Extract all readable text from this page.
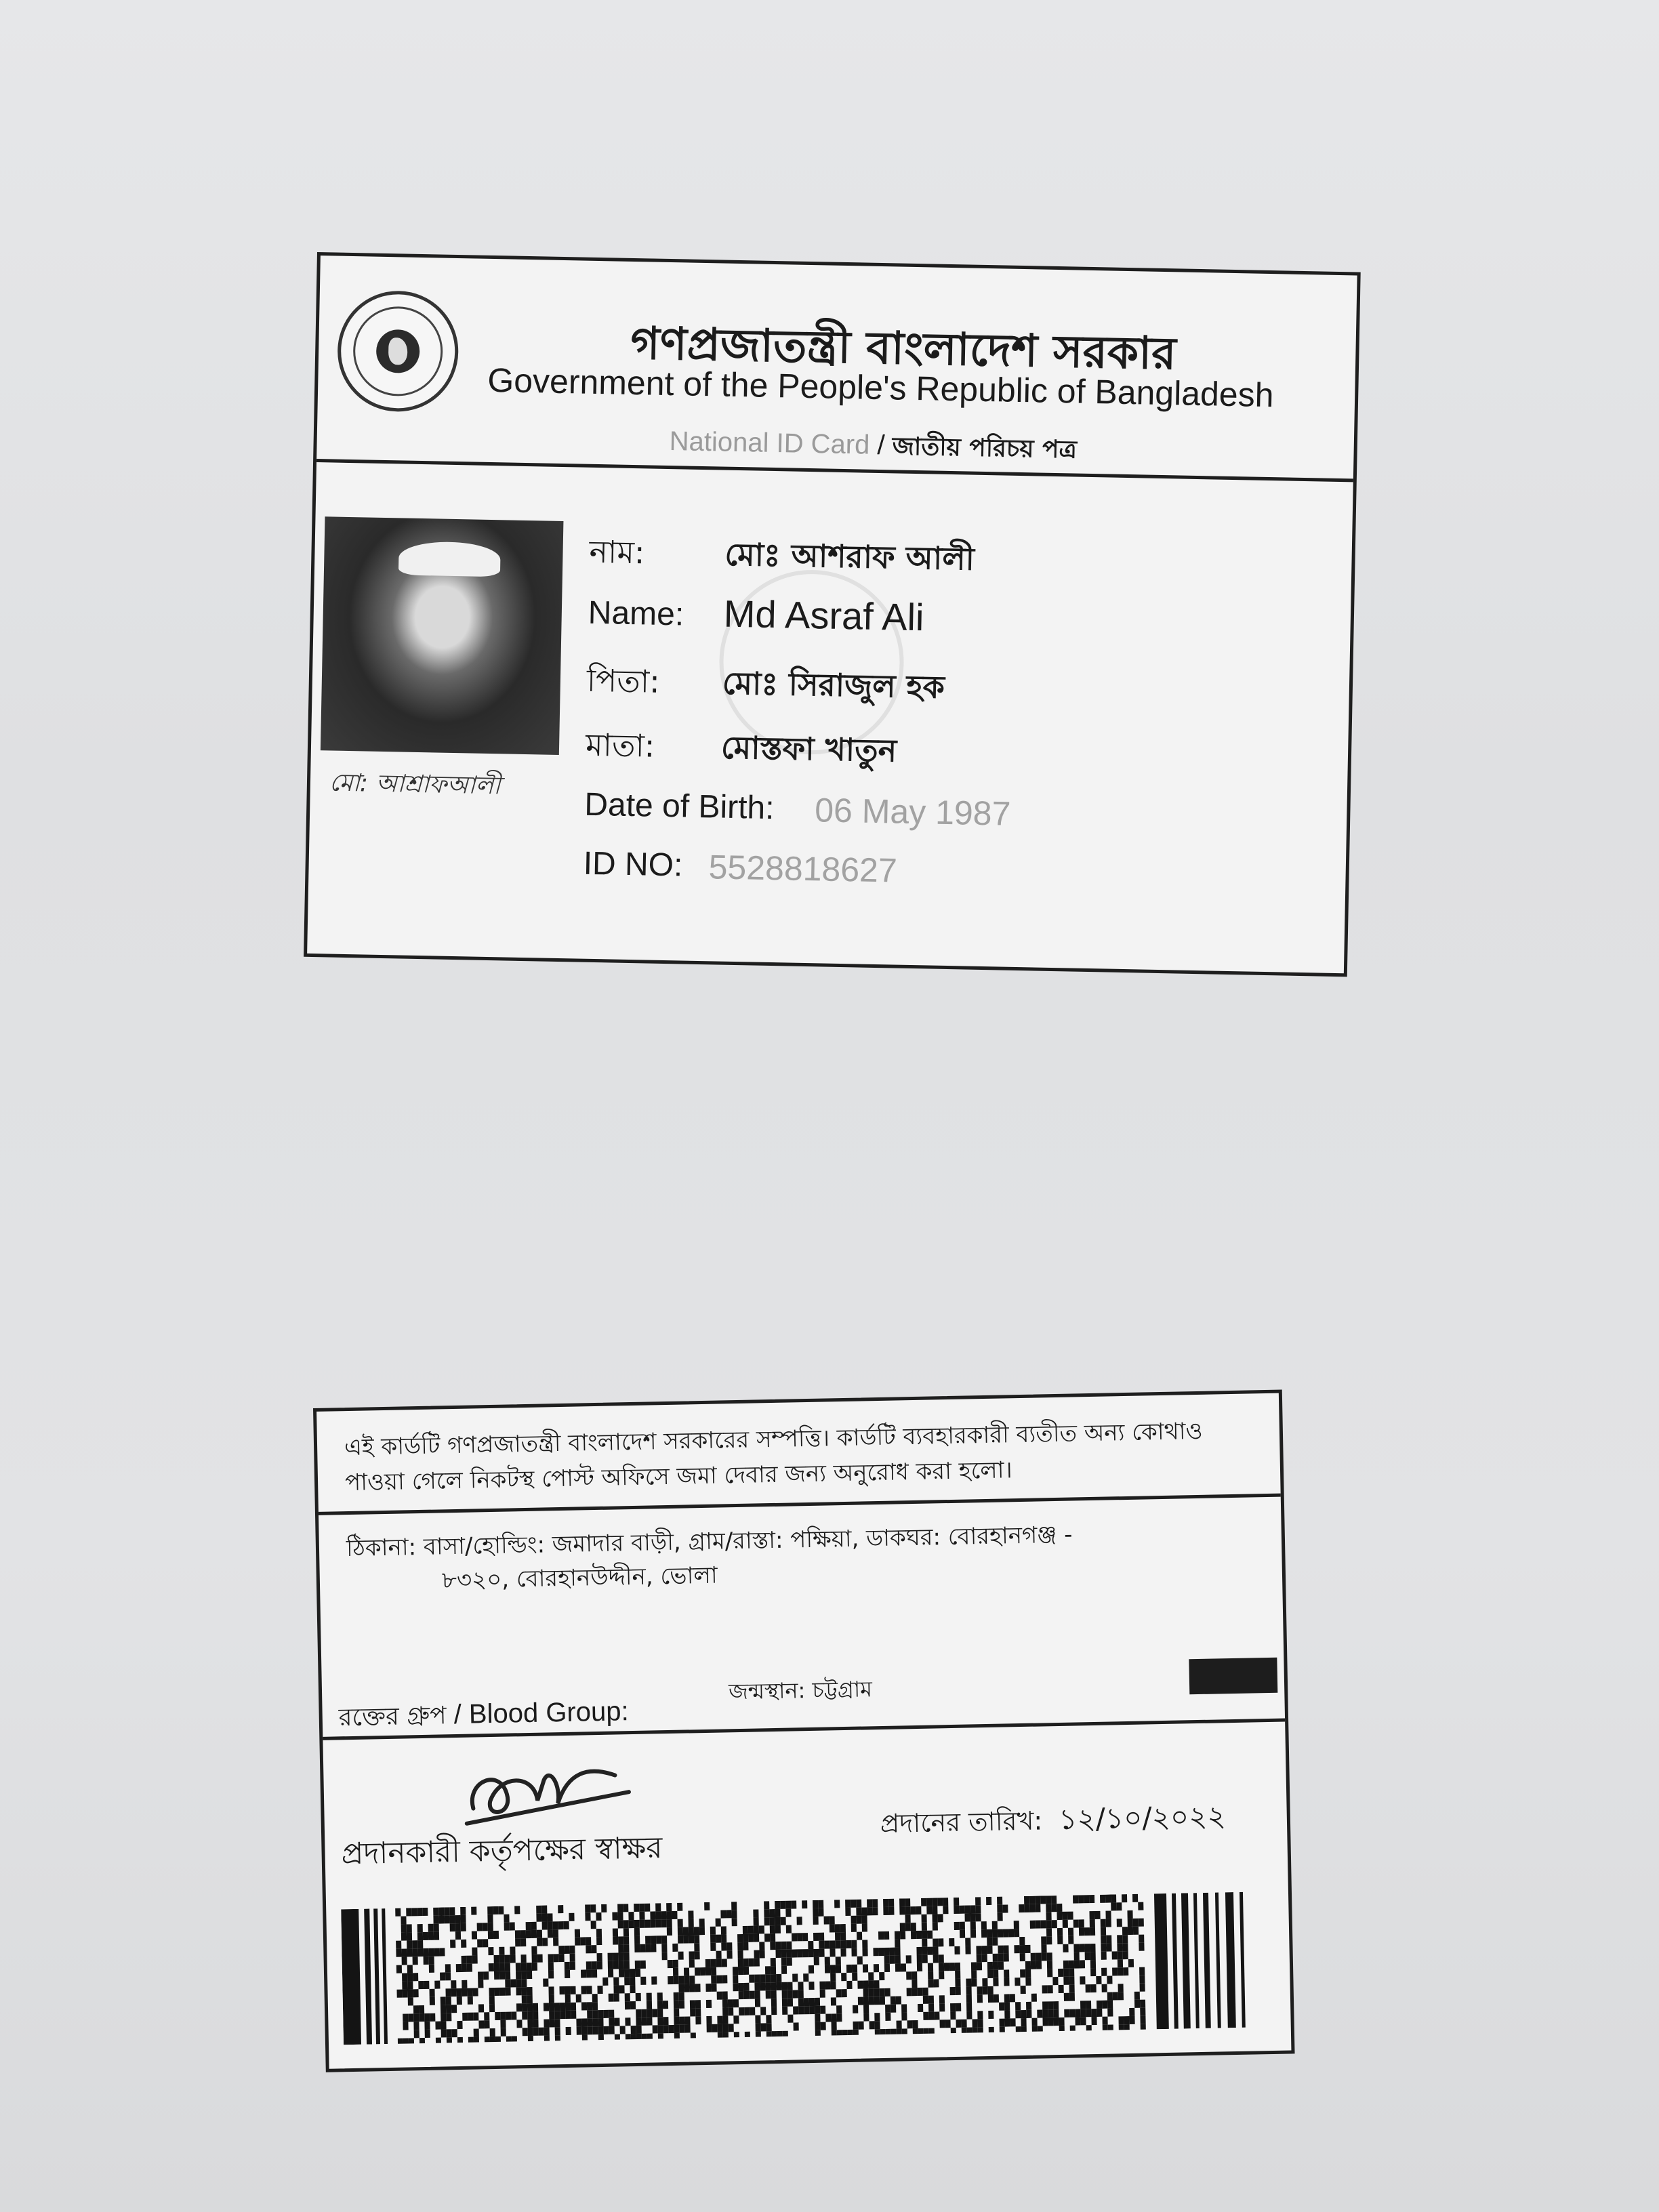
গণপ্রজাতন্ত্রী বাংলাদেশ সরকার
Government of the People's Republic of Bangladesh
National ID Card / জাতীয় পরিচয় পত্র
মো: আশ্রাফআলী
নাম:	মোঃ আশরাফ আলী
Name: Md Asraf Ali
পিতা: মোঃ সিরাজুল হক
মাতা: মোস্তফা খাতুন
Date of Birth: 06 May 1987
ID NO: 5528818627
এই কার্ডটি গণপ্রজাতন্ত্রী বাংলাদেশ সরকারের সম্পত্তি। কার্ডটি ব্যবহারকারী ব্যতীত অন্য কোথাও পাওয়া গেলে নিকটস্থ পোস্ট অফিসে জমা দেবার জন্য অনুরোধ করা হলো।
ঠিকানা: বাসা/হোল্ডিং: জমাদার বাড়ী, গ্রাম/রাস্তা: পক্ষিয়া, ডাকঘর: বোরহানগঞ্জ -
৮৩২০, বোরহানউদ্দীন, ভোলা
জন্মস্থান: চট্টগ্রাম
রক্তের গ্রুপ / Blood Group:
প্রদানকারী কর্তৃপক্ষের স্বাক্ষর
প্রদানের তারিখ: ১২/১০/২০২২
